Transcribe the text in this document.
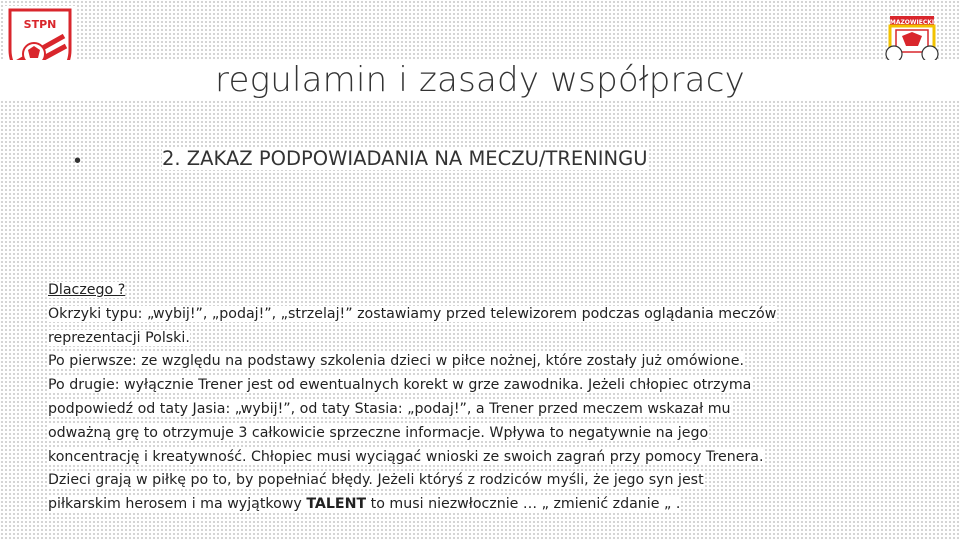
STPN	MAZOWIECKI
regulamin i zasady współpracy
•	2. ZAKAZ PODPOWIADANIA NA MECZU/TRENINGU
Dlaczego ?
Okrzyki typu: „wybij!”, „podaj!”, „strzelaj!” zostawiamy przed telewizorem podczas oglądania meczów
reprezentacji Polski.
Po pierwsze: ze względu na podstawy szkolenia dzieci w piłce nożnej, które zostały już omówione.
Po drugie: wyłącznie Trener jest od ewentualnych korekt w grze zawodnika. Jeżeli chłopiec otrzyma
podpowiedź od taty Jasia: „wybij!”, od taty Stasia: „podaj!”, a Trener przed meczem wskazał mu
odważną grę to otrzymuje 3 całkowicie sprzeczne informacje. Wpływa to negatywnie na jego
koncentrację i kreatywność. Chłopiec musi wyciągać wnioski ze swoich zagrań przy pomocy Trenera.
Dzieci grają w piłkę po to, by popełniać błędy. Jeżeli któryś z rodziców myśli, że jego syn jest
piłkarskim herosem i ma wyjątkowy TALENT to musi niezwłocznie … „ zmienić zdanie „ .
